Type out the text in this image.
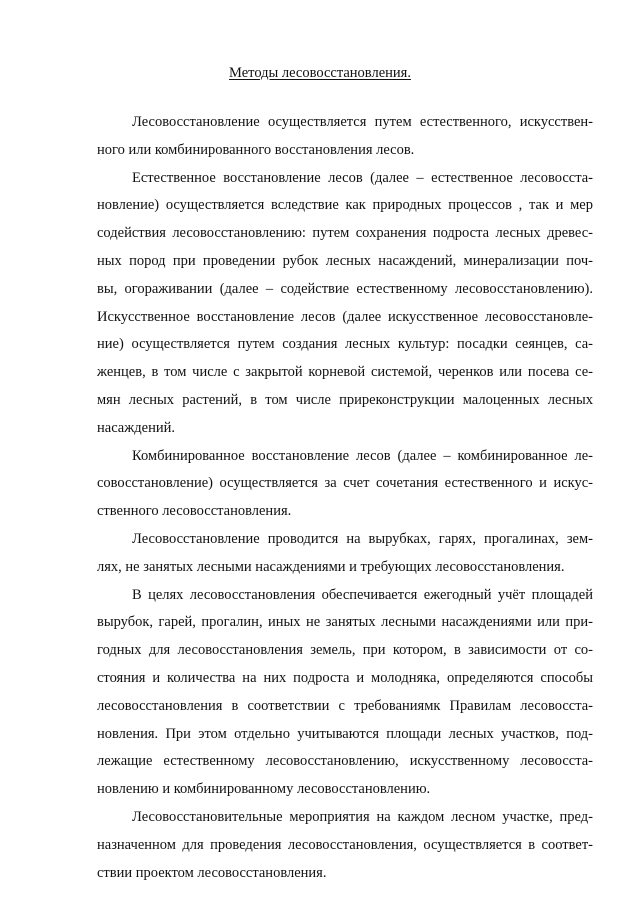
Методы лесовосстановления.
Лесовосстановление осуществляется путем естественного, искусствен-
ного или комбинированного восстановления лесов.
Естественное восстановление лесов (далее – естественное лесовосста-
новление) осуществляется вследствие как природных процессов , так и мер
содействия лесовосстановлению: путем сохранения подроста лесных древес-
ных пород при проведении рубок лесных насаждений, минерализации поч-
вы, огораживании (далее – содействие естественному лесовосстановлению).
Искусственное восстановление лесов (далее искусственное лесовосстановле-
ние) осуществляется путем создания лесных культур: посадки сеянцев, са-
женцев, в том числе с закрытой корневой системой, черенков или посева се-
мян лесных растений, в том числе приреконструкции малоценных лесных
насаждений.
Комбинированное восстановление лесов (далее – комбинированное ле-
совосстановление) осуществляется за счет сочетания естественного и искус-
ственного лесовосстановления.
Лесовосстановление проводится на вырубках, гарях, прогалинах, зем-
лях, не занятых лесными насаждениями и требующих лесовосстановления.
В целях лесовосстановления обеспечивается ежегодный учёт площадей
вырубок, гарей, прогалин, иных не занятых лесными насаждениями или при-
годных для лесовосстановления земель, при котором, в зависимости от со-
стояния и количества на них подроста и молодняка, определяются способы
лесовосстановления в соответствии с требованиямк Правилам лесовосста-
новления. При этом отдельно учитываются площади лесных участков, под-
лежащие естественному лесовосстановлению, искусственному лесовосста-
новлению и комбинированному лесовосстановлению.
Лесовосстановительные мероприятия на каждом лесном участке, пред-
назначенном для проведения лесовосстановления, осуществляется в соответ-
ствии проектом лесовосстановления.
